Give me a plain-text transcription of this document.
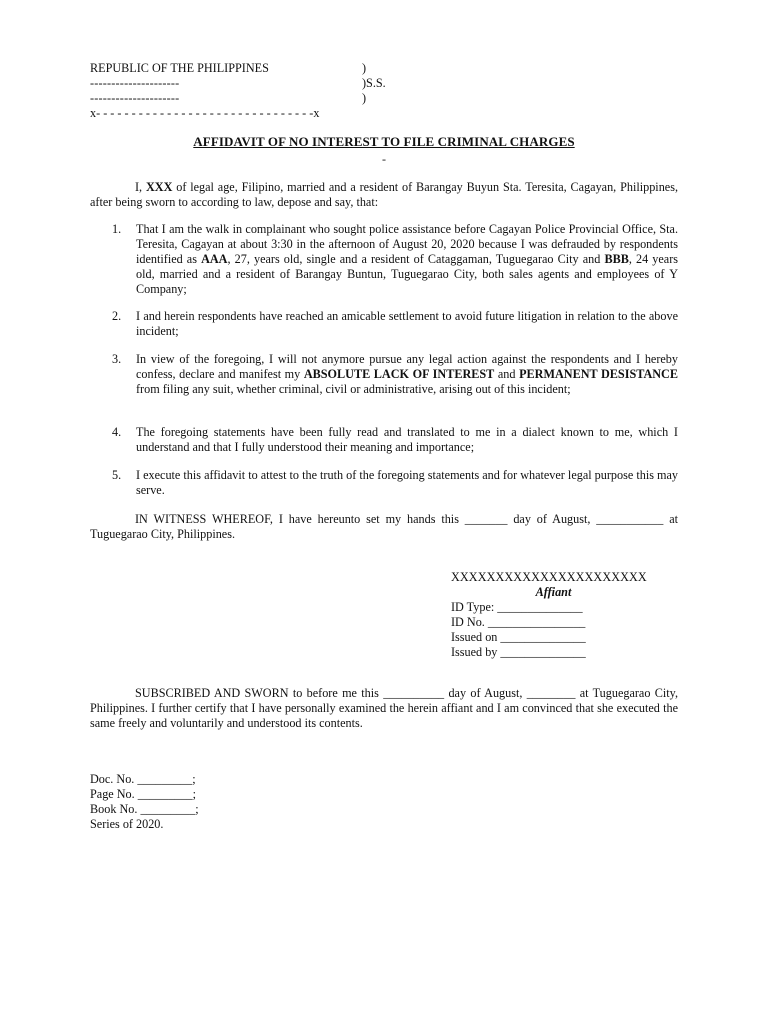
REPUBLIC OF THE PHILIPPINES	)
---------------------	)S.S.
---------------------	)
x- - - - - - - - - - - - - - - - - - - - - - - - - - - - - - -x
AFFIDAVIT OF NO INTEREST TO FILE CRIMINAL CHARGES
-
I, XXX of legal age, Filipino, married and a resident of Barangay Buyun Sta. Teresita, Cagayan, Philippines, after being sworn to according to law, depose and say, that:
1. That I am the walk in complainant who sought police assistance before Cagayan Police Provincial Office, Sta. Teresita, Cagayan at about 3:30 in the afternoon of August 20, 2020 because I was defrauded by respondents identified as AAA, 27, years old, single and a resident of Cataggaman, Tuguegarao City and BBB, 24 years old, married and a resident of Barangay Buntun, Tuguegarao City, both sales agents and employees of Y Company;
2. I and herein respondents have reached an amicable settlement to avoid future litigation in relation to the above incident;
3. In view of the foregoing, I will not anymore pursue any legal action against the respondents and I hereby confess, declare and manifest my ABSOLUTE LACK OF INTEREST and PERMANENT DESISTANCE from filing any suit, whether criminal, civil or administrative, arising out of this incident;
4. The foregoing statements have been fully read and translated to me in a dialect known to me, which I understand and that I fully understood their meaning and importance;
5. I execute this affidavit to attest to the truth of the foregoing statements and for whatever legal purpose this may serve.
IN WITNESS WHEREOF, I have hereunto set my hands this _______ day of August, ___________ at Tuguegarao City, Philippines.
XXXXXXXXXXXXXXXXXXXXXX
Affiant
ID Type: ______________
ID No. ________________
Issued on ______________
Issued by ______________
SUBSCRIBED AND SWORN to before me this __________ day of August, ________ at Tuguegarao City, Philippines. I further certify that I have personally examined the herein affiant and I am convinced that she executed the same freely and voluntarily and understood its contents.
Doc. No. _________;
Page No. _________;
Book No. _________;
Series of 2020.
